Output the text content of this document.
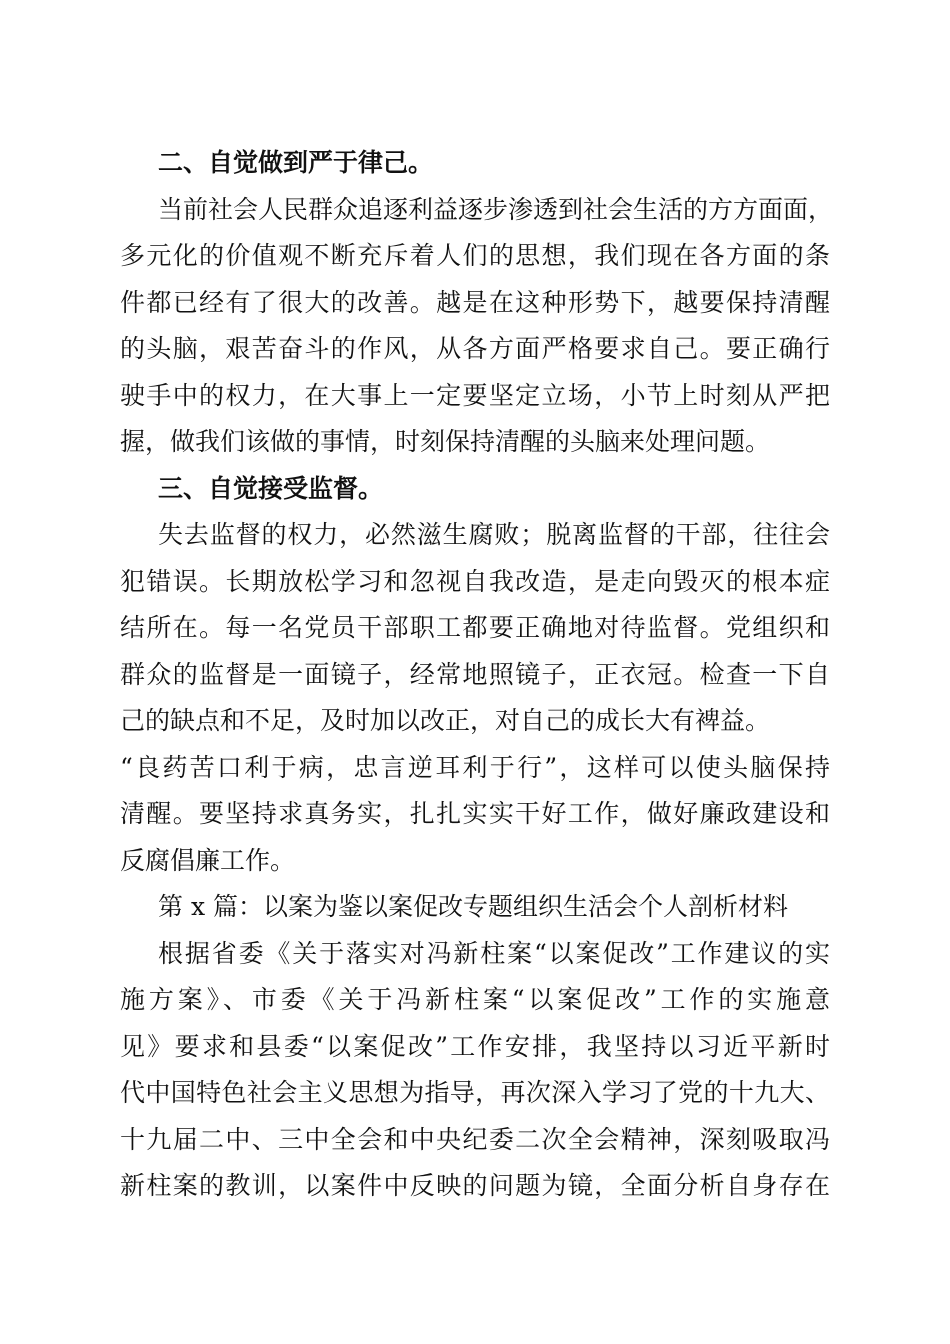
二、自觉做到严于律己。
当前社会人民群众追逐利益逐步渗透到社会生活的方方面面，
多元化的价值观不断充斥着人们的思想，我们现在各方面的条
件都已经有了很大的改善。越是在这种形势下，越要保持清醒
的头脑，艰苦奋斗的作风，从各方面严格要求自己。要正确行
驶手中的权力，在大事上一定要坚定立场，小节上时刻从严把
握，做我们该做的事情，时刻保持清醒的头脑来处理问题。
三、自觉接受监督。
失去监督的权力，必然滋生腐败；脱离监督的干部，往往会
犯错误。长期放松学习和忽视自我改造，是走向毁灭的根本症
结所在。每一名党员干部职工都要正确地对待监督。党组织和
群众的监督是一面镜子，经常地照镜子，正衣冠。检查一下自
己的缺点和不足，及时加以改正，对自己的成长大有裨益。
“良药苦口利于病，忠言逆耳利于行”，这样可以使头脑保持
清醒。要坚持求真务实，扎扎实实干好工作，做好廉政建设和
反腐倡廉工作。
第 x 篇：以案为鉴以案促改专题组织生活会个人剖析材料
根据省委《关于落实对冯新柱案“以案促改”工作建议的实
施方案》、市委《关于冯新柱案“以案促改”工作的实施意
见》要求和县委“以案促改”工作安排，我坚持以习近平新时
代中国特色社会主义思想为指导，再次深入学习了党的十九大、
十九届二中、三中全会和中央纪委二次全会精神，深刻吸取冯
新柱案的教训，以案件中反映的问题为镜，全面分析自身存在
